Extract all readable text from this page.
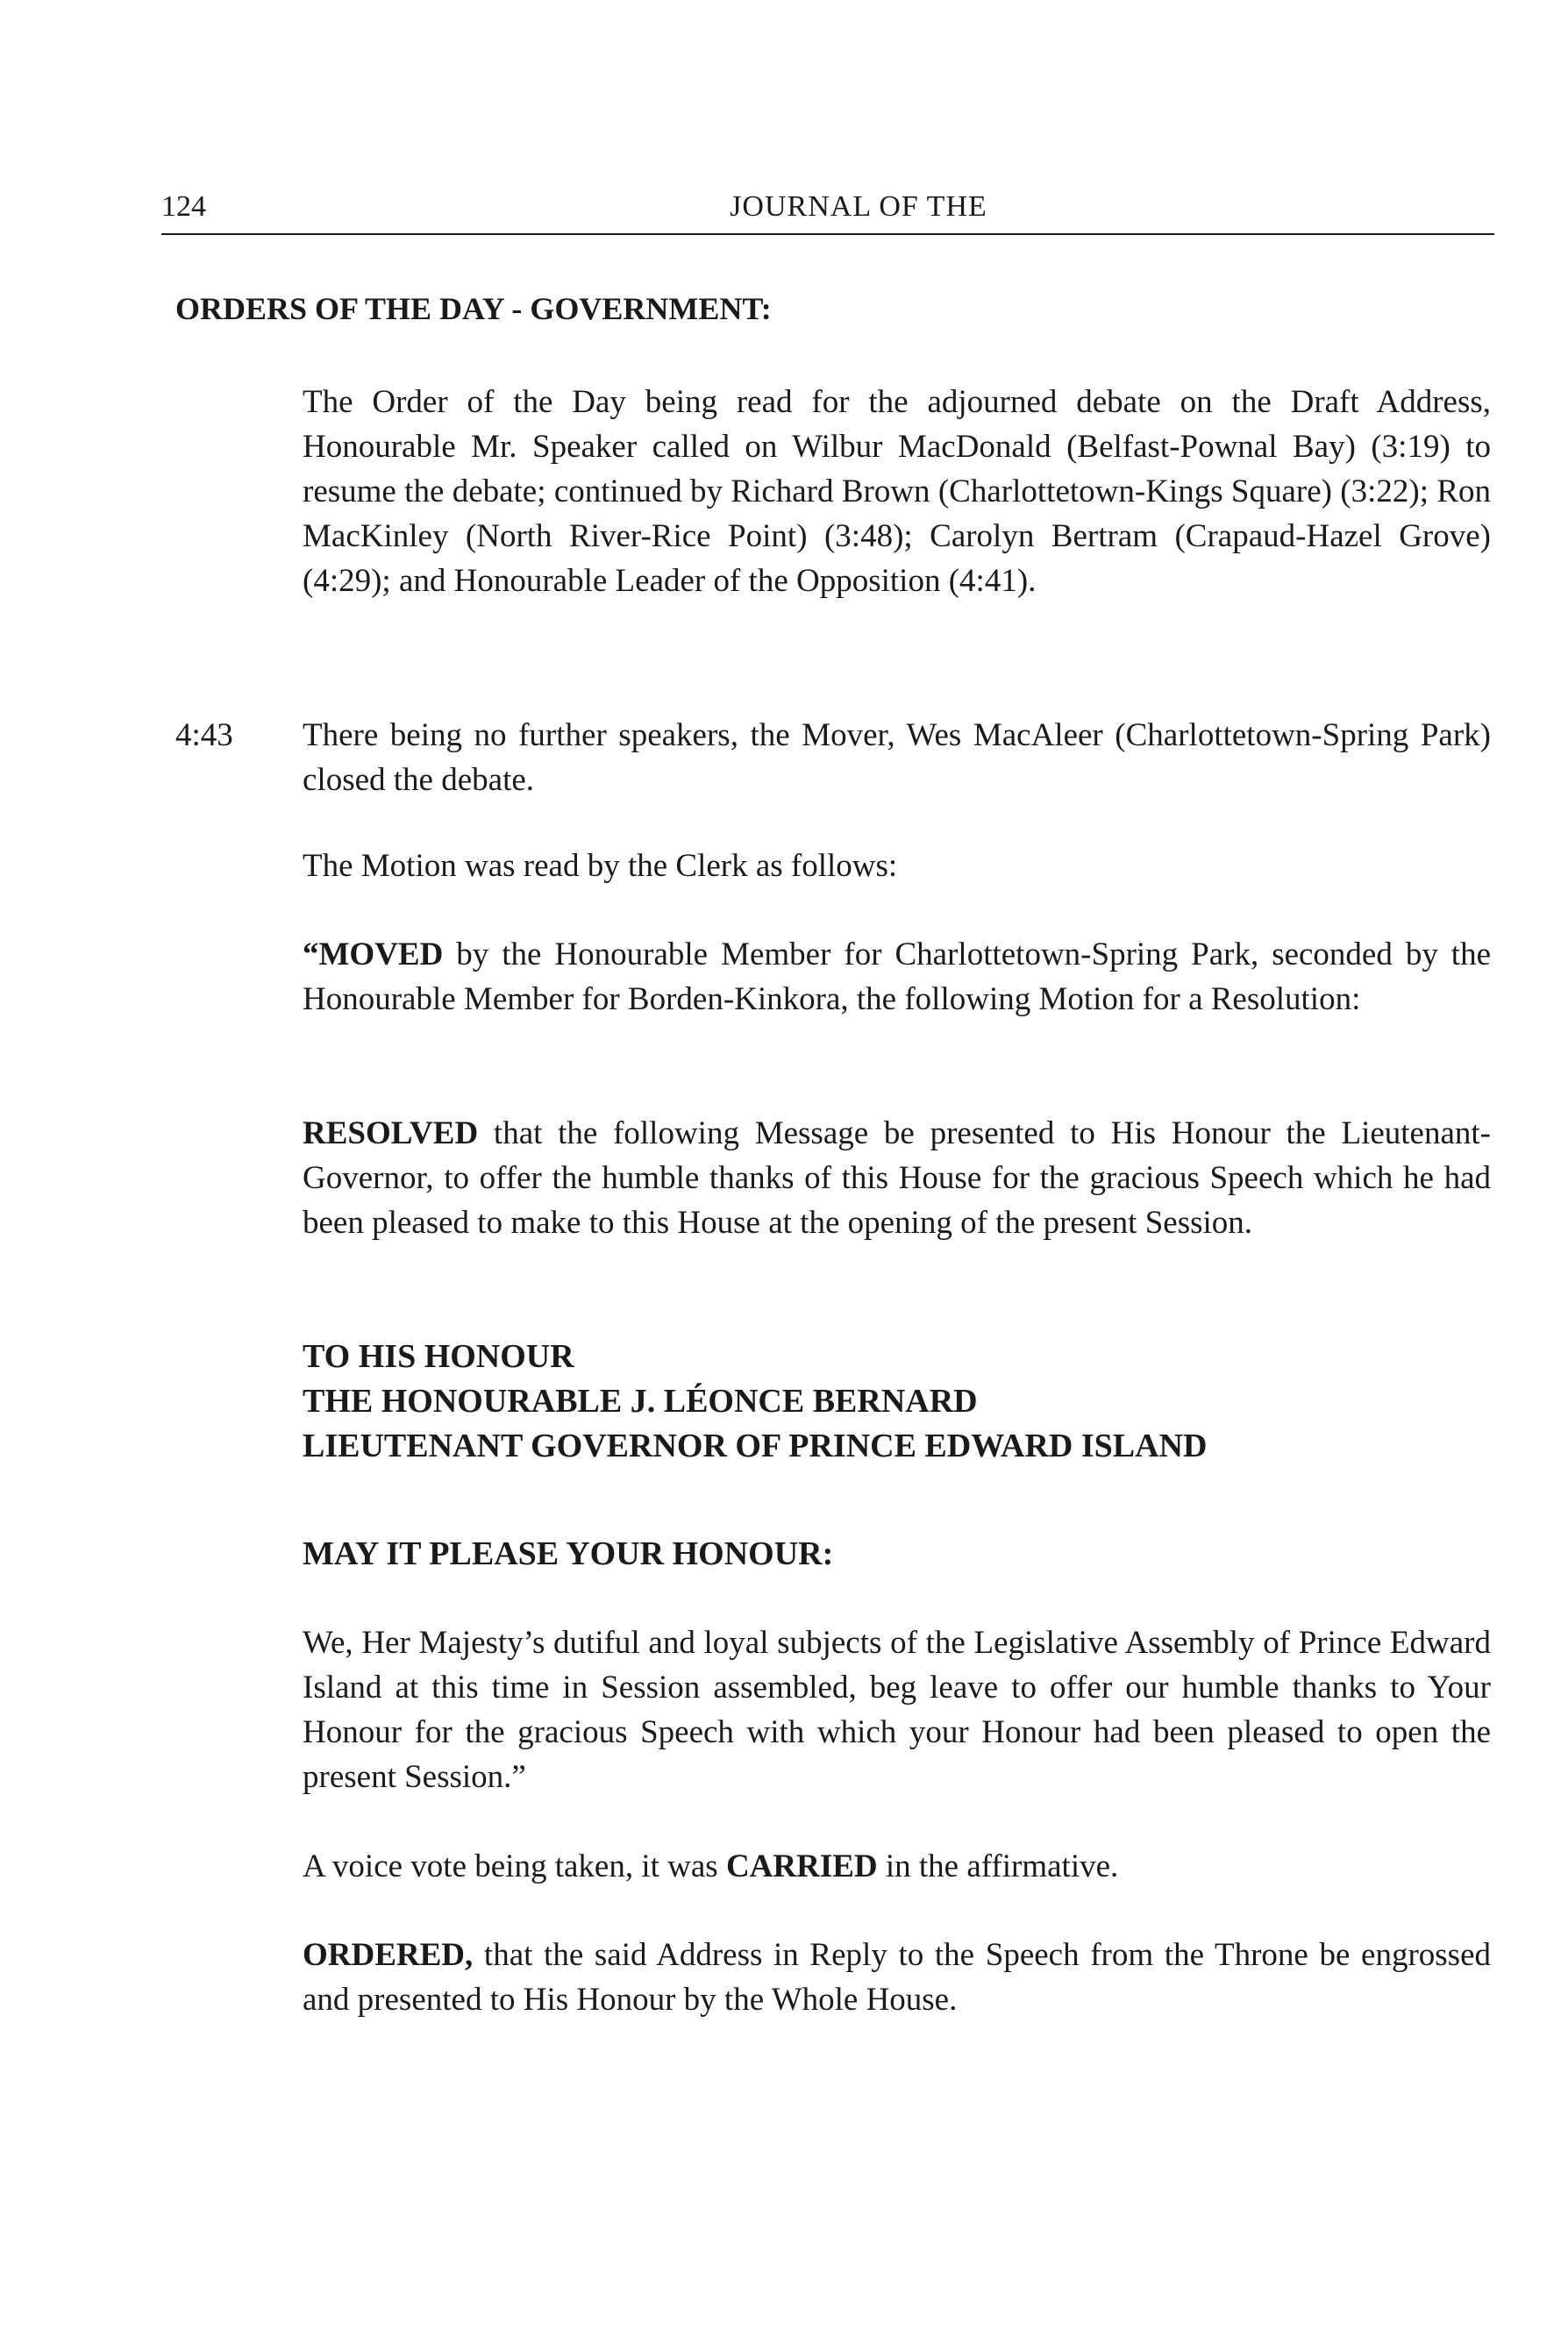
124	JOURNAL OF THE
ORDERS OF THE DAY - GOVERNMENT:

The Order of the Day being read for the adjourned debate on the Draft Address, Honourable Mr. Speaker called on Wilbur MacDonald (Belfast-Pownal Bay) (3:19) to resume the debate; continued by Richard Brown (Charlottetown-Kings Square) (3:22); Ron MacKinley (North River-Rice Point) (3:48); Carolyn Bertram (Crapaud-Hazel Grove) (4:29); and Honourable Leader of the Opposition (4:41).

4:43 There being no further speakers, the Mover, Wes MacAleer (Charlottetown-Spring Park) closed the debate.

The Motion was read by the Clerk as follows:

“MOVED by the Honourable Member for Charlottetown-Spring Park, seconded by the Honourable Member for Borden-Kinkora, the following Motion for a Resolution:

RESOLVED that the following Message be presented to His Honour the Lieutenant-Governor, to offer the humble thanks of this House for the gracious Speech which he had been pleased to make to this House at the opening of the present Session.

TO HIS HONOUR
THE HONOURABLE J. LÉONCE BERNARD
LIEUTENANT GOVERNOR OF PRINCE EDWARD ISLAND
MAY IT PLEASE YOUR HONOUR:

We, Her Majesty’s dutiful and loyal subjects of the Legislative Assembly of Prince Edward Island at this time in Session assembled, beg leave to offer our humble thanks to Your Honour for the gracious Speech with which your Honour had been pleased to open the present Session.”

A voice vote being taken, it was CARRIED in the affirmative.

ORDERED, that the said Address in Reply to the Speech from the Throne be engrossed and presented to His Honour by the Whole House.
